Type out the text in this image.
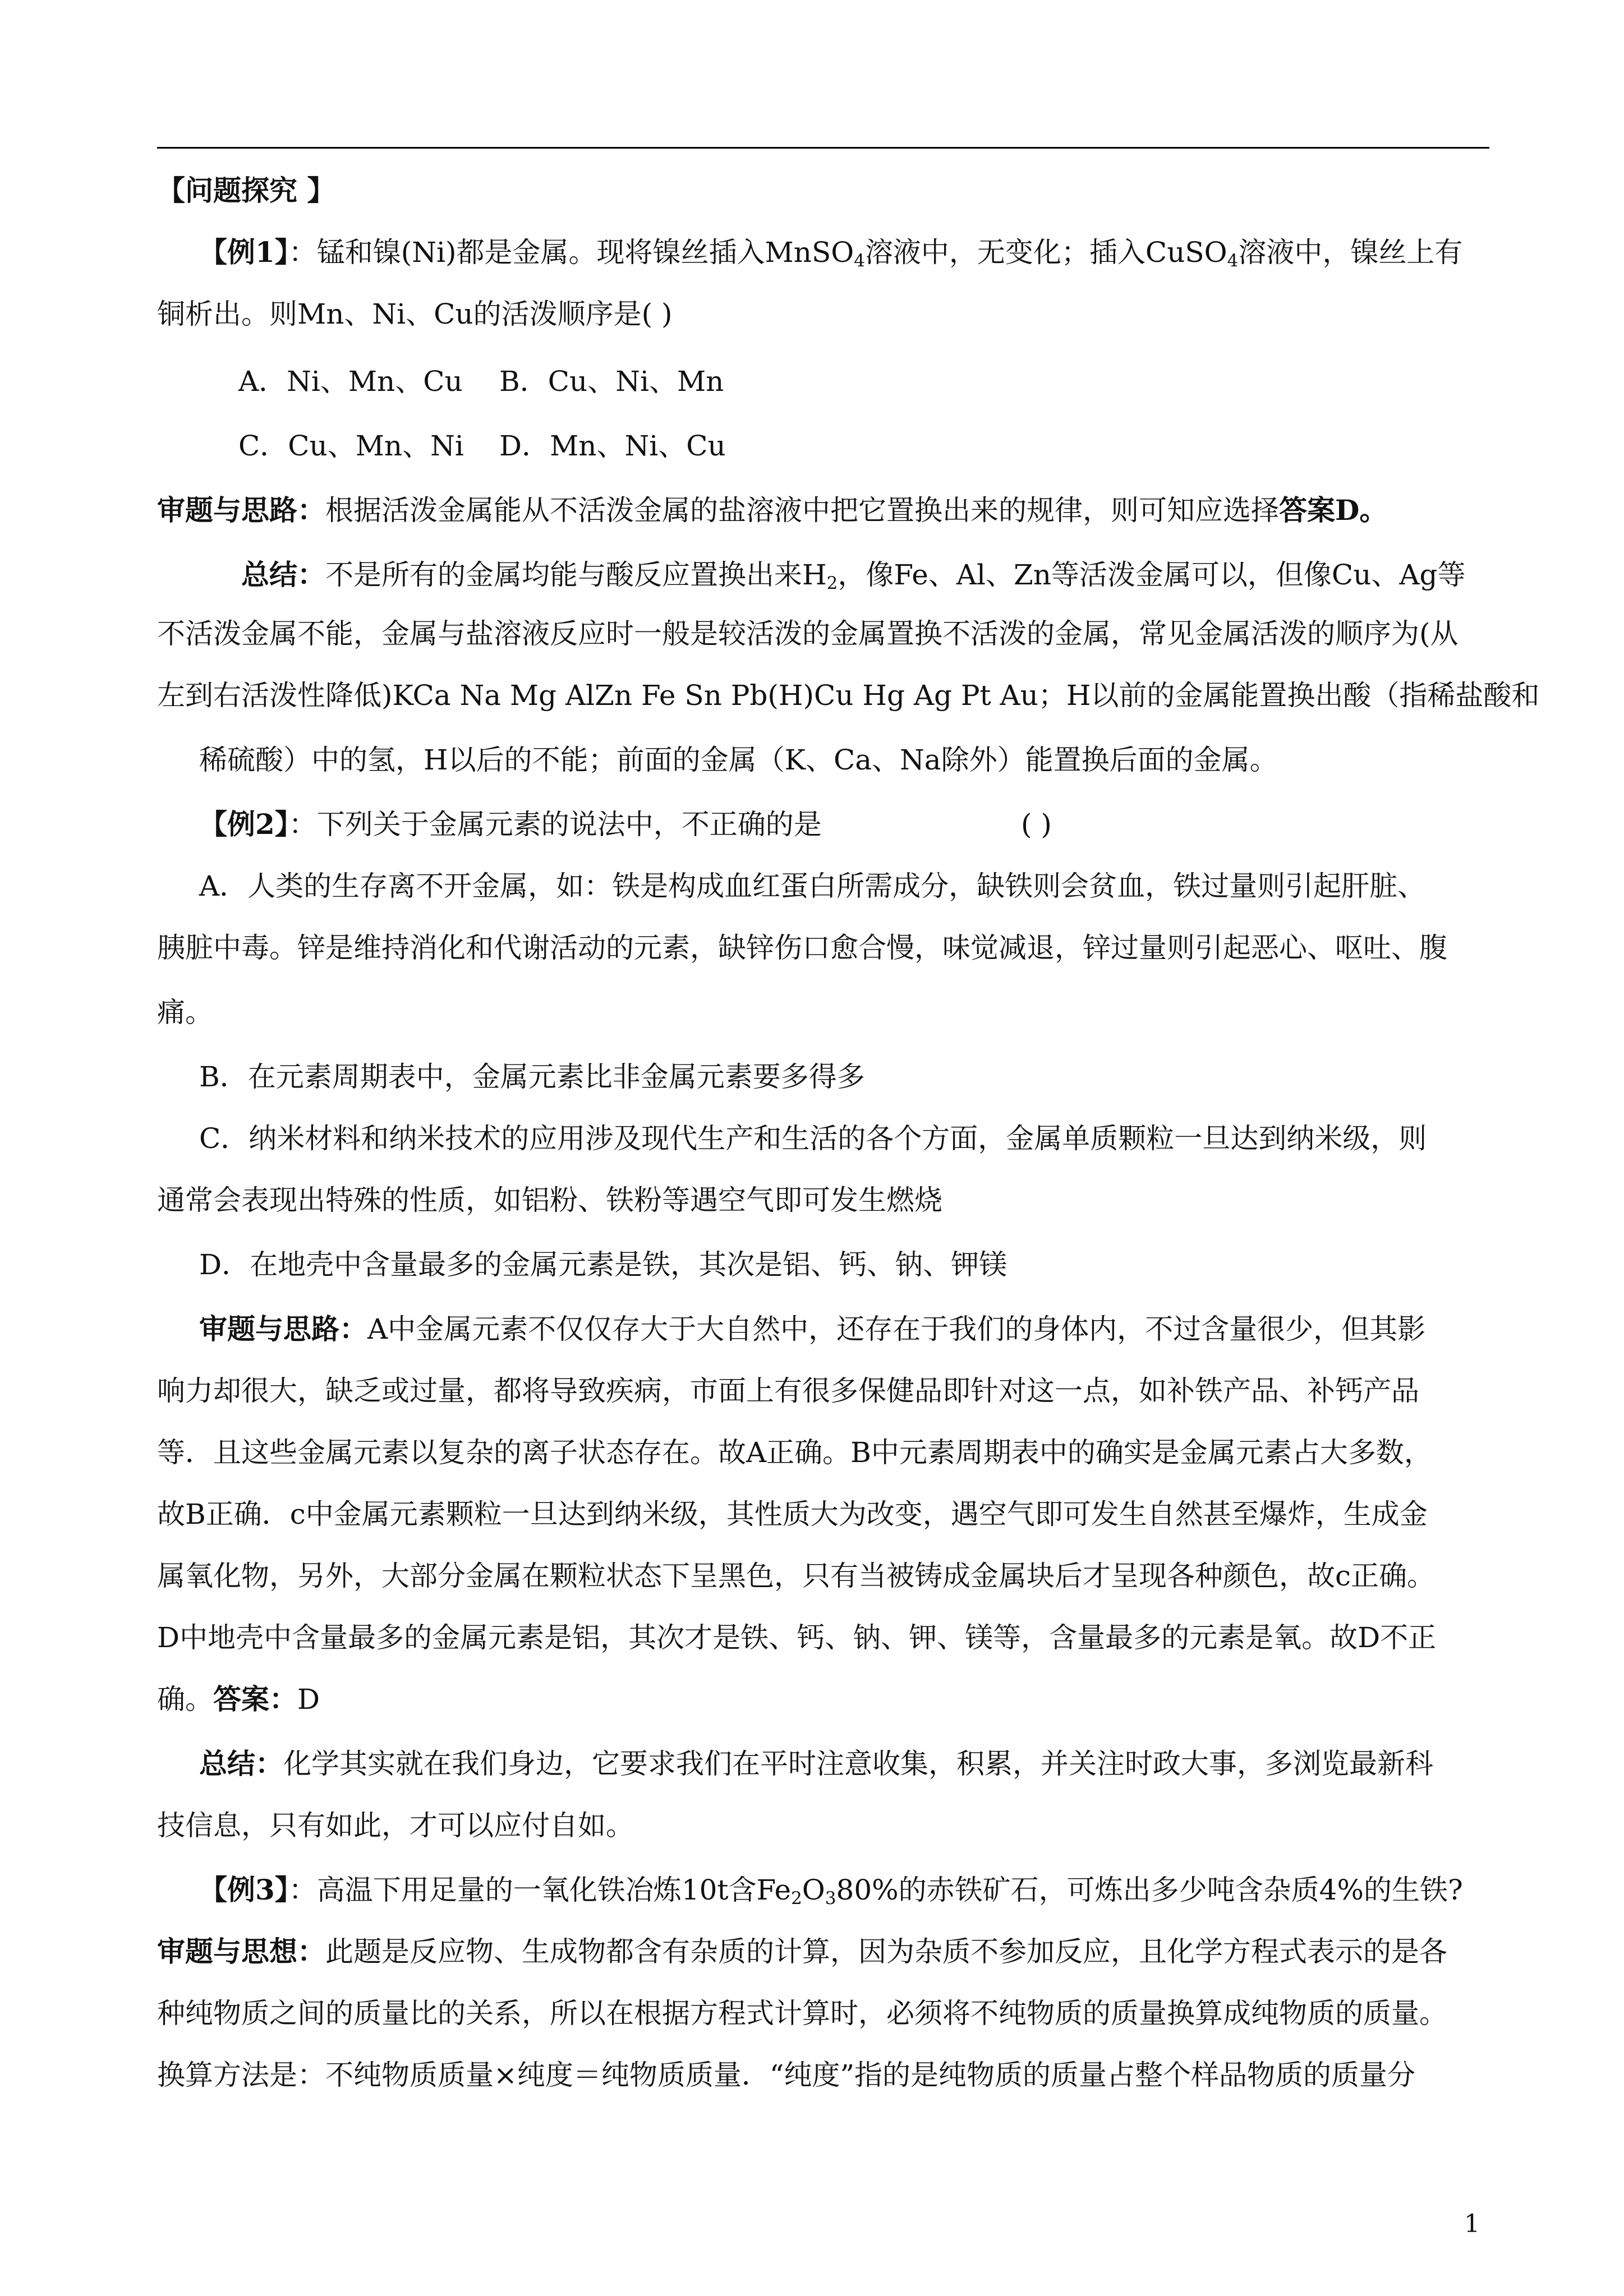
【问题探究 】
【例1】：锰和镍(Ni)都是金属。现将镍丝插入MnSO$_4$溶液中，无变化；插入CuSO$_4$溶液中，镍丝上有
铜析出。则Mn、Ni、Cu的活泼顺序是( )
A．Ni、Mn、Cu	B．Cu、Ni、Mn
C．Cu、Mn、Ni	D．Mn、Ni、Cu
审题与思路：根据活泼金属能从不活泼金属的盐溶液中把它置换出来的规律，则可知应选择答案D。
总结：不是所有的金属均能与酸反应置换出来$H_2$，像Fe、Al、Zn等活泼金属可以，但像Cu、Ag等
不活泼金属不能，金属与盐溶液反应时一般是较活泼的金属置换不活泼的金属，常见金属活泼的顺序为(从
左到右活泼性降低)KCa Na Mg AlZn Fe Sn Pb(H)Cu Hg Ag Pt Au；H以前的金属能置换出酸（指稀盐酸和
稀硫酸）中的氢，H以后的不能；前面的金属（K、Ca、Na除外）能置换后面的金属。
【例2】：下列关于金属元素的说法中，不正确的是	( )
A．人类的生存离不开金属，如：铁是构成血红蛋白所需成分，缺铁则会贫血，铁过量则引起肝脏、
胰脏中毒。锌是维持消化和代谢活动的元素，缺锌伤口愈合慢，味觉减退，锌过量则引起恶心、呕吐、腹
痛。
B．在元素周期表中，金属元素比非金属元素要多得多
C．纳米材料和纳米技术的应用涉及现代生产和生活的各个方面，金属单质颗粒一旦达到纳米级，则
通常会表现出特殊的性质，如铝粉、铁粉等遇空气即可发生燃烧
D．在地壳中含量最多的金属元素是铁，其次是铝、钙、钠、钾镁
审题与思路：A中金属元素不仅仅存大于大自然中，还存在于我们的身体内，不过含量很少，但其影
响力却很大，缺乏或过量，都将导致疾病，市面上有很多保健品即针对这一点，如补铁产品、补钙产品
等．且这些金属元素以复杂的离子状态存在。故A正确。B中元素周期表中的确实是金属元素占大多数，
故B正确．c中金属元素颗粒一旦达到纳米级，其性质大为改变，遇空气即可发生自然甚至爆炸，生成金
属氧化物，另外，大部分金属在颗粒状态下呈黑色，只有当被铸成金属块后才呈现各种颜色，故c正确。
D中地壳中含量最多的金属元素是铝，其次才是铁、钙、钠、钾、镁等，含量最多的元素是氧。故D不正
确。答案：D
总结：化学其实就在我们身边，它要求我们在平时注意收集，积累，并关注时政大事，多浏览最新科
技信息，只有如此，才可以应付自如。
【例3】：高温下用足量的一氧化铁冶炼10t含$Fe_2O_380\%$的赤铁矿石，可炼出多少吨含杂质4%的生铁?
审题与思想：此题是反应物、生成物都含有杂质的计算，因为杂质不参加反应，且化学方程式表示的是各
种纯物质之间的质量比的关系，所以在根据方程式计算时，必须将不纯物质的质量换算成纯物质的质量。
换算方法是：不纯物质质量×纯度＝纯物质质量．“纯度”指的是纯物质的质量占整个样品物质的质量分
1
